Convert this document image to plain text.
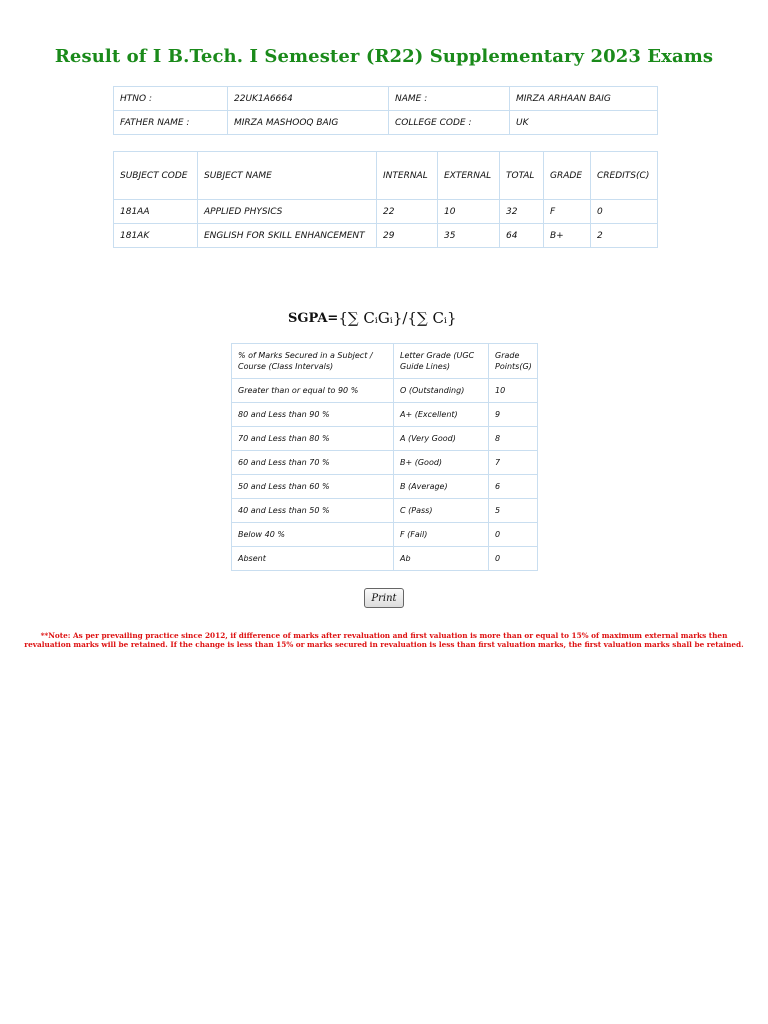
Result of I B.Tech. I Semester (R22) Supplementary 2023 Exams
HTNO :	22UK1A6664	NAME :	MIRZA ARHAAN BAIG
FATHER NAME :	MIRZA MASHOOQ BAIG	COLLEGE CODE :	UK
SUBJECT CODE	SUBJECT NAME	INTERNAL	EXTERNAL	TOTAL	GRADE	CREDITS(C)
181AA	APPLIED PHYSICS	22	10	32	F	0
181AK	ENGLISH FOR SKILL ENHANCEMENT	29	35	64	B+	2
SGPA= {∑ CᵢGᵢ}/{∑ Cᵢ}
% of Marks Secured in a Subject / Course (Class Intervals)	Letter Grade (UGC Guide Lines)	Grade Points(G)
Greater than or equal to 90 %	O (Outstanding)	10
80 and Less than 90 %	A+ (Excellent)	9
70 and Less than 80 %	A (Very Good)	8
60 and Less than 70 %	B+ (Good)	7
50 and Less than 60 %	B (Average)	6
40 and Less than 50 %	C (Pass)	5
Below 40 %	F (Fail)	0
Absent	Ab	0
Print
**Note: As per prevailing practice since 2012, if difference of marks after revaluation and first valuation is more than or equal to 15% of maximum external marks then revaluation marks will be retained. If the change is less than 15% or marks secured in revaluation is less than first valuation marks, the first valuation marks shall be retained.
